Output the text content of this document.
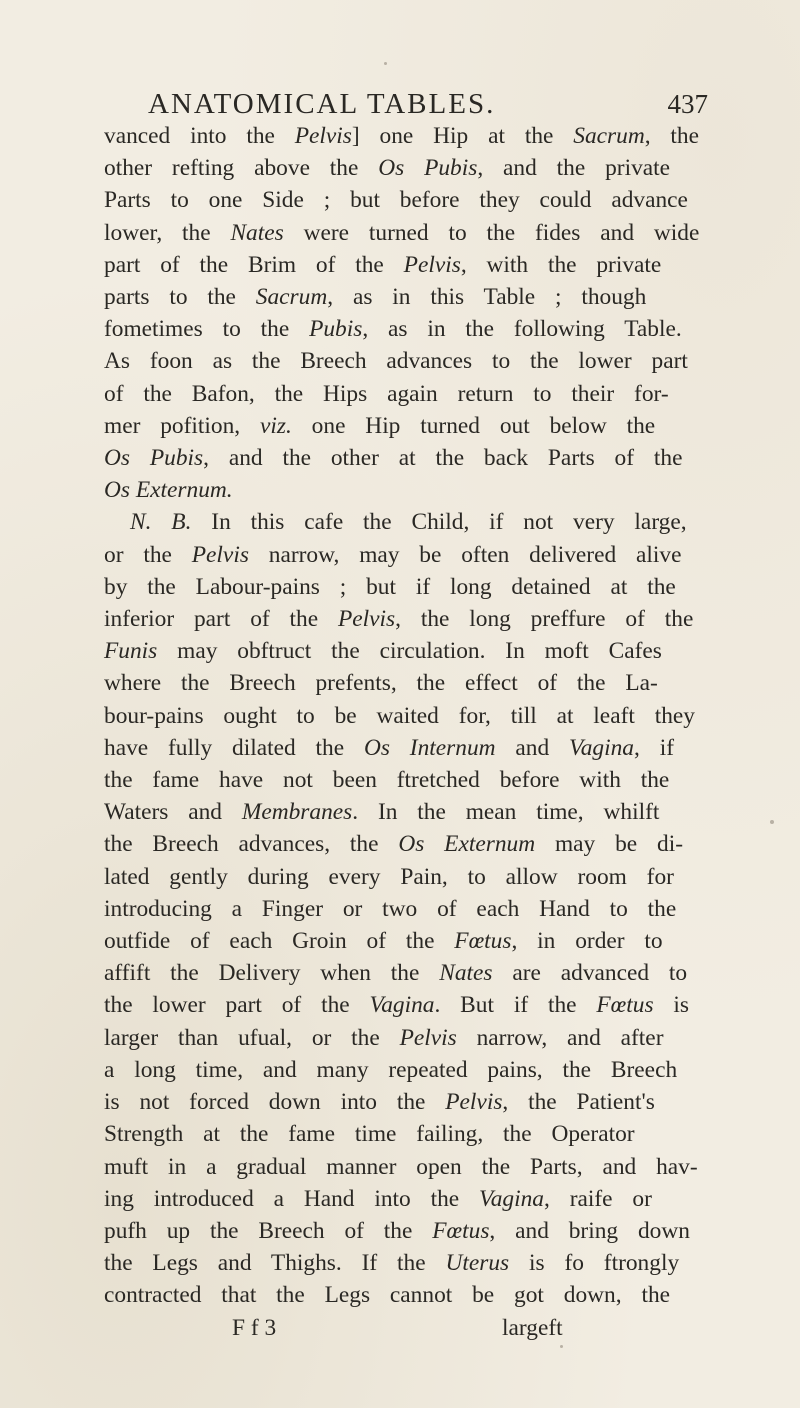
ANATOMICAL TABLES.	437
vanced into the Pelvis ] one Hip at the Sacrum , the
other refting above the Os Pubis , and the private
Parts to one Side ; but before they could advance
lower, the Nates were turned to the fides and wide
part of the Brim of the Pelvis , with the private
parts to the Sacrum , as in this Table ; though
fometimes to the Pubis , as in the following Table.
As foon as the Breech advances to the lower part
of the Bafon, the Hips again return to their for-
mer pofition, viz. one Hip turned out below the
Os Pubis , and the other at the back Parts of the
Os Externum.
N. B. In this cafe the Child, if not very large,
or the Pelvis narrow, may be often delivered alive
by the Labour-pains ; but if long detained at the
inferior part of the Pelvis , the long preffure of the
Funis may obftruct the circulation. In moft Cafes
where the Breech prefents, the effect of the La-
bour-pains ought to be waited for, till at leaft they
have fully dilated the Os Internum and Vagina , if
the fame have not been ftretched before with the
Waters and Membranes . In the mean time, whilft
the Breech advances, the Os Externum may be di-
lated gently during every Pain, to allow room for
introducing a Finger or two of each Hand to the
outfide of each Groin of the Fœtus , in order to
affift the Delivery when the Nates are advanced to
the lower part of the Vagina . But if the Fœtus is
larger than ufual, or the Pelvis narrow, and after
a long time, and many repeated pains, the Breech
is not forced down into the Pelvis , the Patient's
Strength at the fame time failing, the Operator
muft in a gradual manner open the Parts, and hav-
ing introduced a Hand into the Vagina , raife or
pufh up the Breech of the Fœtus , and bring down
the Legs and Thighs. If the Uterus is fo ftrongly
contracted that the Legs cannot be got down, the
F f 3	largeft
